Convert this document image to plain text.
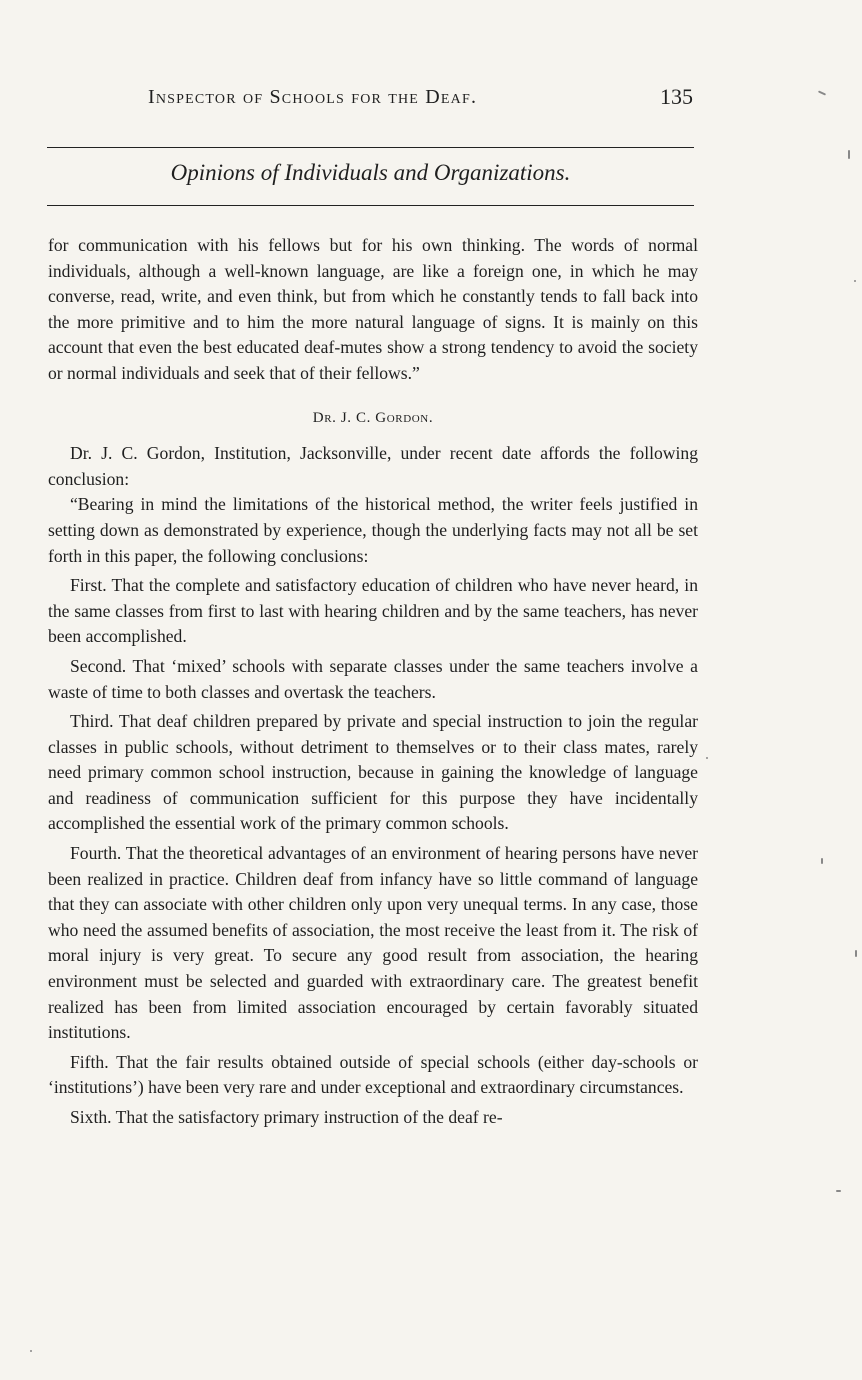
Inspector of Schools for the Deaf.	135
Opinions of Individuals and Organizations.

for communication with his fellows but for his own thinking. The words of normal individuals, although a well-known language, are like a foreign one, in which he may converse, read, write, and even think, but from which he constantly tends to fall back into the more primitive and to him the more natural language of signs. It is mainly on this account that even the best educated deaf-mutes show a strong tendency to avoid the society or normal individuals and seek that of their fellows.”

Dr. J. C. Gordon.

Dr. J. C. Gordon, Institution, Jacksonville, under recent date affords the following conclusion:

“Bearing in mind the limitations of the historical method, the writer feels justified in setting down as demonstrated by experience, though the underlying facts may not all be set forth in this paper, the following conclusions:

First. That the complete and satisfactory education of children who have never heard, in the same classes from first to last with hearing children and by the same teachers, has never been accomplished.

Second. That ‘mixed’ schools with separate classes under the same teachers involve a waste of time to both classes and overtask the teachers.

Third. That deaf children prepared by private and special instruction to join the regular classes in public schools, without detriment to themselves or to their class mates, rarely need primary common school instruction, because in gaining the knowledge of language and readiness of communication sufficient for this purpose they have incidentally accomplished the essential work of the primary common schools.

Fourth. That the theoretical advantages of an environment of hearing persons have never been realized in practice. Children deaf from infancy have so little command of language that they can associate with other children only upon very unequal terms. In any case, those who need the assumed benefits of association, the most receive the least from it. The risk of moral injury is very great. To secure any good result from association, the hearing environment must be selected and guarded with extraordinary care. The greatest benefit realized has been from limited association encouraged by certain favorably situated institutions.

Fifth. That the fair results obtained outside of special schools (either day-schools or ‘institutions’) have been very rare and under exceptional and extraordinary circumstances.

Sixth. That the satisfactory primary instruction of the deaf re-
